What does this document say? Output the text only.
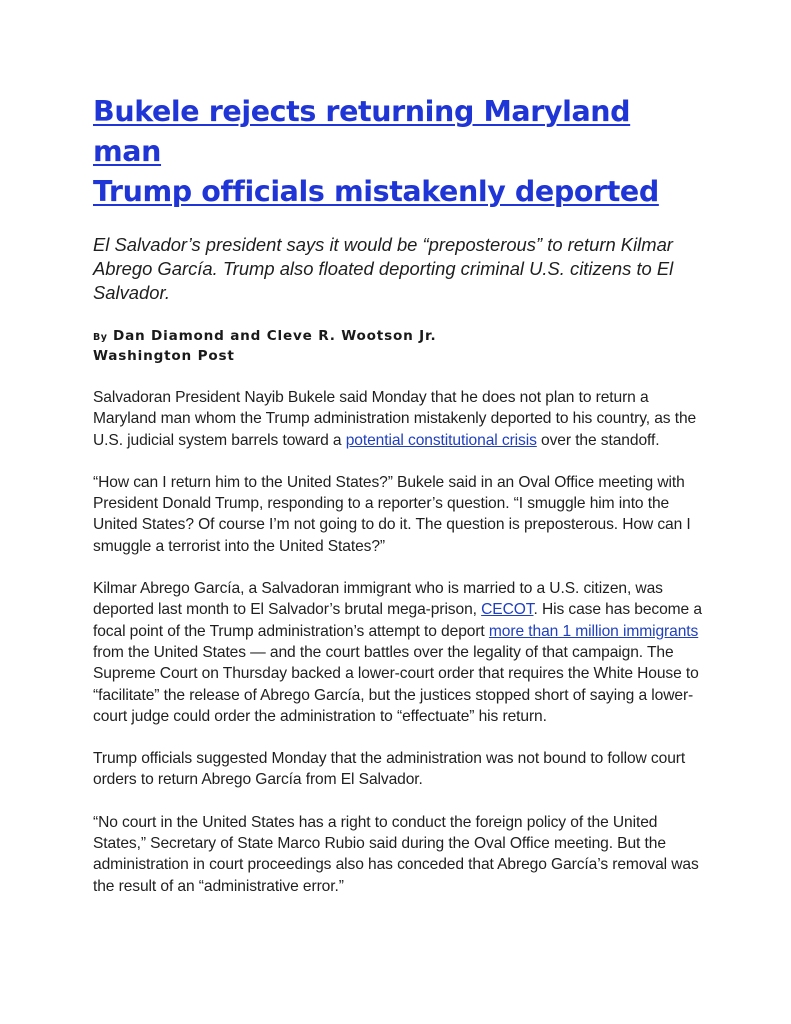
Bukele rejects returning Maryland man
Trump officials mistakenly deported

El Salvador’s president says it would be “preposterous” to return Kilmar Abrego García. Trump also floated deporting criminal U.S. citizens to El Salvador.

By Dan Diamond and Cleve R. Wootson Jr.
Washington Post

Salvadoran President Nayib Bukele said Monday that he does not plan to return a Maryland man whom the Trump administration mistakenly deported to his country, as the U.S. judicial system barrels toward a potential constitutional crisis over the standoff.

“How can I return him to the United States?” Bukele said in an Oval Office meeting with President Donald Trump, responding to a reporter’s question. “I smuggle him into the United States? Of course I’m not going to do it. The question is preposterous. How can I smuggle a terrorist into the United States?”

Kilmar Abrego García, a Salvadoran immigrant who is married to a U.S. citizen, was deported last month to El Salvador’s brutal mega-prison, CECOT. His case has become a focal point of the Trump administration’s attempt to deport more than 1 million immigrants from the United States — and the court battles over the legality of that campaign. The Supreme Court on Thursday backed a lower-court order that requires the White House to “facilitate” the release of Abrego García, but the justices stopped short of saying a lower-court judge could order the administration to “effectuate” his return.

Trump officials suggested Monday that the administration was not bound to follow court orders to return Abrego García from El Salvador.

“No court in the United States has a right to conduct the foreign policy of the United States,” Secretary of State Marco Rubio said during the Oval Office meeting. But the administration in court proceedings also has conceded that Abrego García’s removal was the result of an “administrative error.”
